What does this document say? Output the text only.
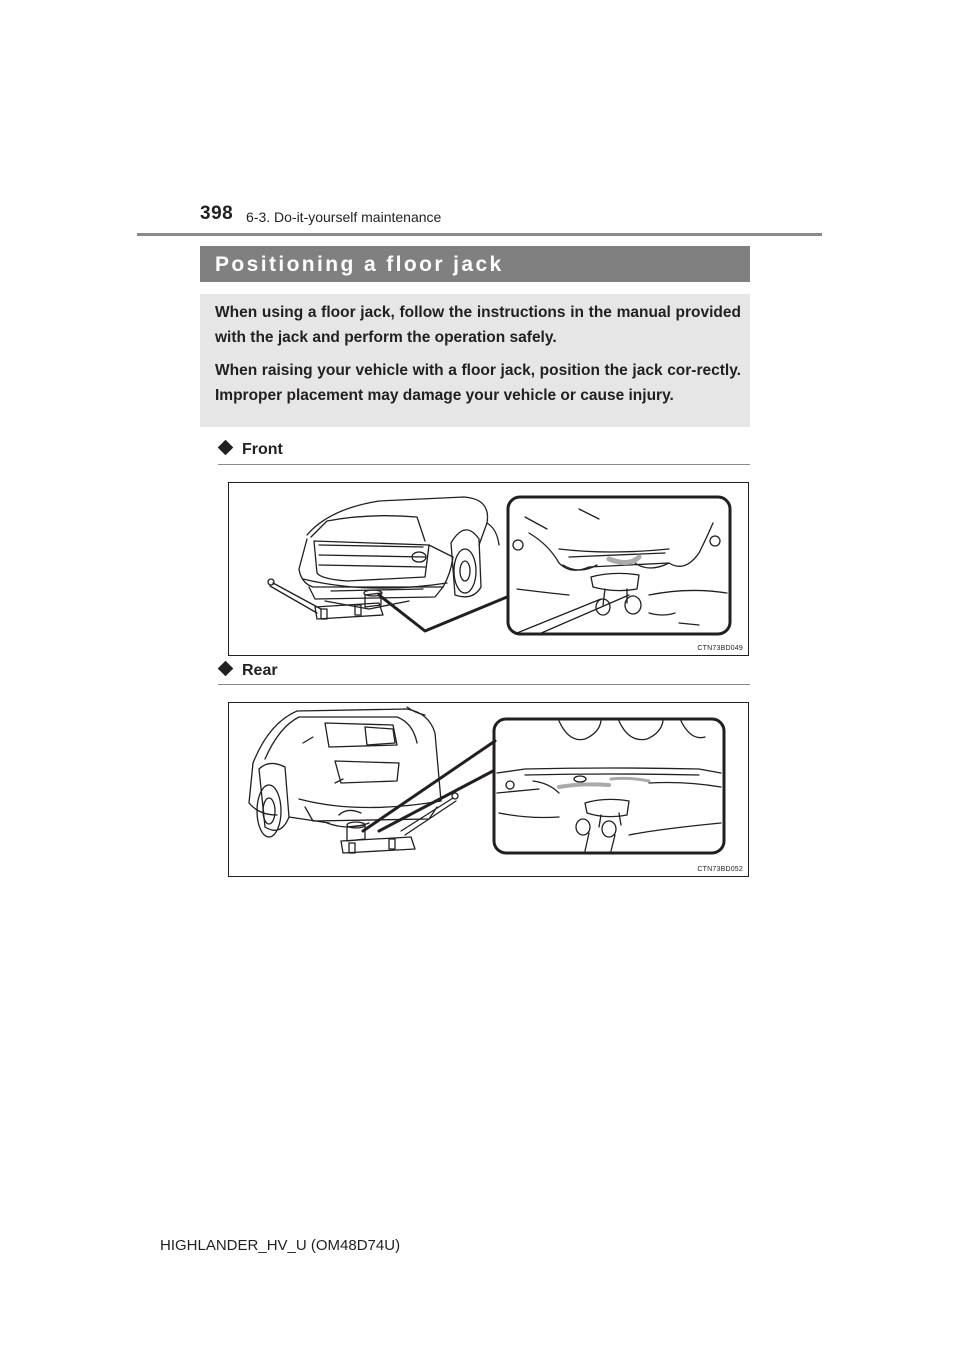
398 6-3. Do-it-yourself maintenance
Positioning a floor jack

When using a floor jack, follow the instructions in the manual provided with the jack and perform the operation safely.

When raising your vehicle with a floor jack, position the jack cor-rectly. Improper placement may damage your vehicle or cause injury.

Front
CTN73BD049
Rear
CTN73BD052
HIGHLANDER_HV_U (OM48D74U)
